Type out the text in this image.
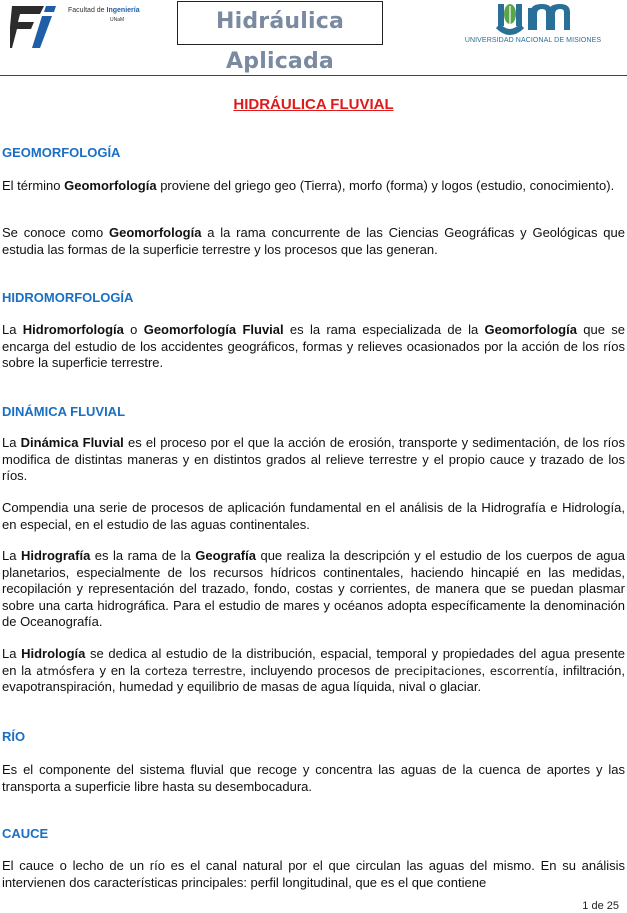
Facultad de Ingeniería
UNaM	Hidráulica Aplicada
UNIVERSIDAD NACIONAL DE MISIONES
HIDRÁULICA FLUVIAL
GEOMORFOLOGÍA

El término Geomorfología proviene del griego geo (Tierra), morfo (forma) y logos (estudio, conocimiento).

Se conoce como Geomorfología a la rama concurrente de las Ciencias Geográficas y Geológicas que estudia las formas de la superficie terrestre y los procesos que las generan.

HIDROMORFOLOGÍA

La Hidromorfología o Geomorfología Fluvial es la rama especializada de la Geomorfología que se encarga del estudio de los accidentes geográficos, formas y relieves ocasionados por la acción de los ríos sobre la superficie terrestre.

DINÁMICA FLUVIAL

La Dinámica Fluvial es el proceso por el que la acción de erosión, transporte y sedimentación, de los ríos modifica de distintas maneras y en distintos grados al relieve terrestre y el propio cauce y trazado de los ríos.

Compendia una serie de procesos de aplicación fundamental en el análisis de la Hidrografía e Hidrología, en especial, en el estudio de las aguas continentales.

La Hidrografía es la rama de la Geografía que realiza la descripción y el estudio de los cuerpos de agua planetarios, especialmente de los recursos hídricos continentales, haciendo hincapié en las medidas, recopilación y representación del trazado, fondo, costas y corrientes, de manera que se puedan plasmar sobre una carta hidrográfica. Para el estudio de mares y océanos adopta específicamente la denominación de Oceanografía.

La Hidrología se dedica al estudio de la distribución, espacial, temporal y propiedades del agua presente en la atmósfera y en la corteza terrestre, incluyendo procesos de precipitaciones, escorrentía, infiltración, evapotranspiración, humedad y equilibrio de masas de agua líquida, nival o glaciar.

RÍO

Es el componente del sistema fluvial que recoge y concentra las aguas de la cuenca de aportes y las transporta a superficie libre hasta su desembocadura.

CAUCE

El cauce o lecho de un río es el canal natural por el que circulan las aguas del mismo. En su análisis intervienen dos características principales: perfil longitudinal, que es el que contiene

1 de 25
